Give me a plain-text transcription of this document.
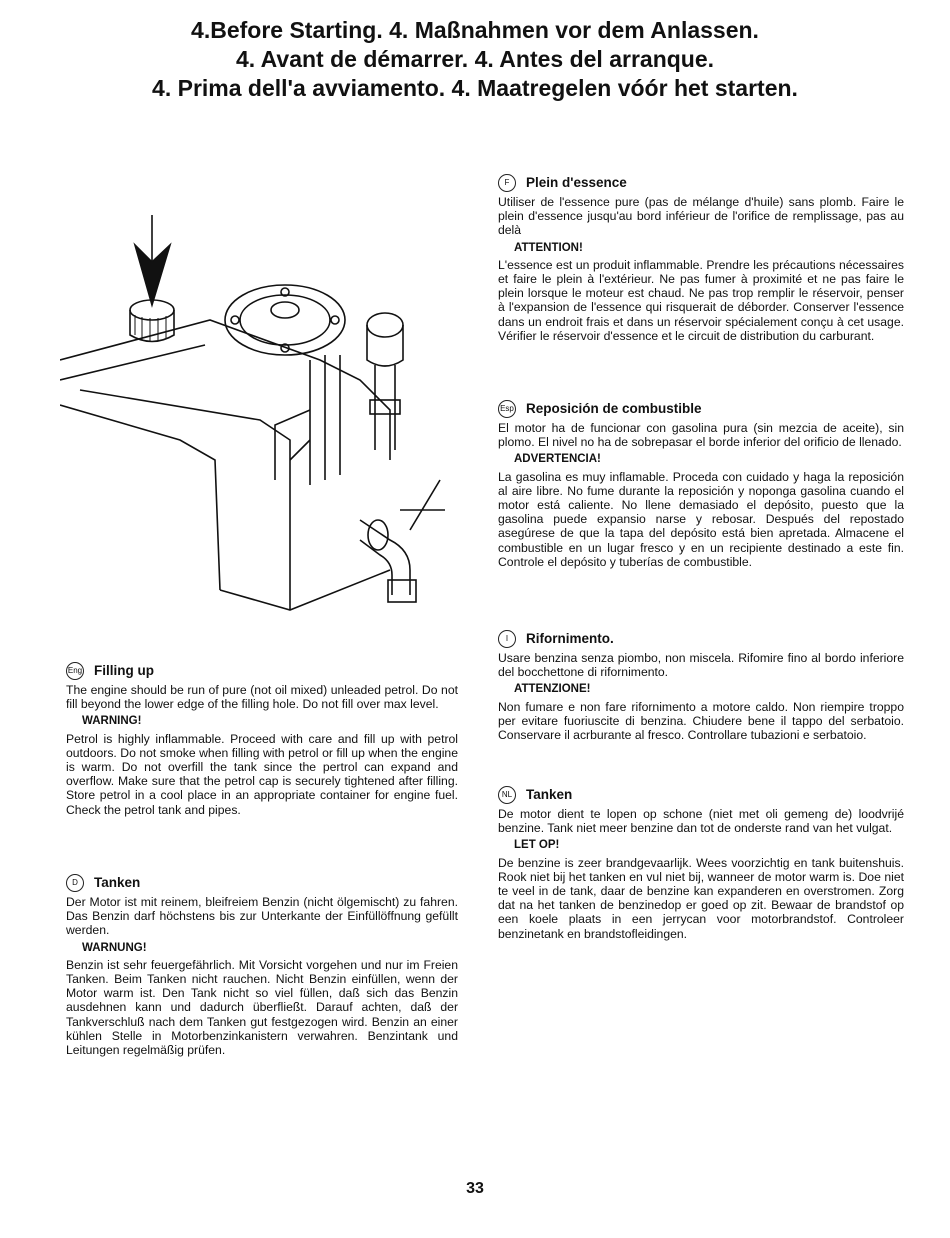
4.Before Starting. 4. Maßnahmen vor dem Anlassen.
4. Avant de démarrer. 4. Antes del arranque.
4. Prima dell'a avviamento. 4. Maatregelen vóór het starten.
Eng Filling up

The engine should be run of pure (not oil mixed) unleaded petrol. Do not fill beyond the lower edge of the filling hole. Do not fill over max level.

WARNING!

Petrol is highly inflammable. Proceed with care and fill up with petrol outdoors. Do not smoke when filling with petrol or fill up when the engine is warm. Do not overfill the tank since the pertrol can expand and overflow. Make sure that the petrol cap is securely tightened after filling. Store petrol in a cool place in an appropriate container for engine fuel. Check the petrol tank and pipes.

D	Tanken

Der Motor ist mit reinem, bleifreiem Benzin (nicht ölgemischt) zu fahren. Das Benzin darf höchstens bis zur Unterkante der Einfüllöffnung gefüllt werden.

WARNUNG!

Benzin ist sehr feuergefährlich. Mit Vorsicht vorgehen und nur im Freien Tanken. Beim Tanken nicht rauchen. Nicht Benzin einfüllen, wenn der Motor warm ist. Den Tank nicht so viel füllen, daß sich das Benzin ausdehnen kann und dadurch überfließt. Darauf achten, daß der Tankverschluß nach dem Tanken gut festgezogen wird. Benzin an einer kühlen Stelle in Motorbenzinkanistern verwahren. Benzintank und Leitungen regelmäßig prüfen.

F	Plein d'essence

Utiliser de l'essence pure (pas de mélange d'huile) sans plomb. Faire le plein d'essence jusqu'au bord inférieur de l'orifice de remplissage, pas au delà

ATTENTION!

L'essence est un produit inflammable. Prendre les précautions nécessaires et faire le plein à l'extérieur. Ne pas fumer à proximité et ne pas faire le plein lorsque le moteur est chaud. Ne pas trop remplir le réservoir, penser à l'expansion de l'essence qui risquerait de déborder. Conserver l'essence dans un endroit frais et dans un réservoir spécialement conçu à cet usage. Vérifier le réservoir d'essence et le circuit de distribution du carburant.

Esp Reposición de combustible

El motor ha de funcionar con gasolina pura (sin mezcia de aceite), sin plomo. El nivel no ha de sobrepasar el borde inferior del orificio de llenado.

ADVERTENCIA!

La gasolina es muy inflamable. Proceda con cuidado y haga la reposición al aire libre. No fume durante la reposición y noponga gasolina cuando el motor está caliente. No llene demasiado el depósito, puesto que la gasolina puede expansio narse y rebosar. Después del repostado asegúrese de que la tapa del depósito está bien apretada. Almacene el combustible en un lugar fresco y en un recipiente destinado a este fin. Controle el depósito y tuberías de combustible.

I	Rifornimento.

Usare benzina senza piombo, non miscela. Rifomire fino al bordo inferiore del bocchettone di rifornimento.

ATTENZIONE!

Non fumare e non fare rifornimento a motore caldo. Non riempire troppo per evitare fuoriuscite di benzina. Chiudere bene il tappo del serbatoio. Conservare il acrburante al fresco. Controllare tubazioni e serbatoio.

NL Tanken

De motor dient te lopen op schone (niet met oli gemeng de) loodvrijé benzine. Tank niet meer benzine dan tot de onderste rand van het vulgat.

LET OP!

De benzine is zeer brandgevaarlijk. Wees voorzichtig en tank buitenshuis. Rook niet bij het tanken en vul niet bij, wanneer de motor warm is. Doe niet te veel in de tank, daar de benzine kan expanderen en overstromen. Zorg dat na het tanken de benzinedop er goed op zit. Bewaar de brandstof op een koele plaats in een jerrycan voor motorbrandstof. Controleer benzinetank en brandstofleidingen.

33
